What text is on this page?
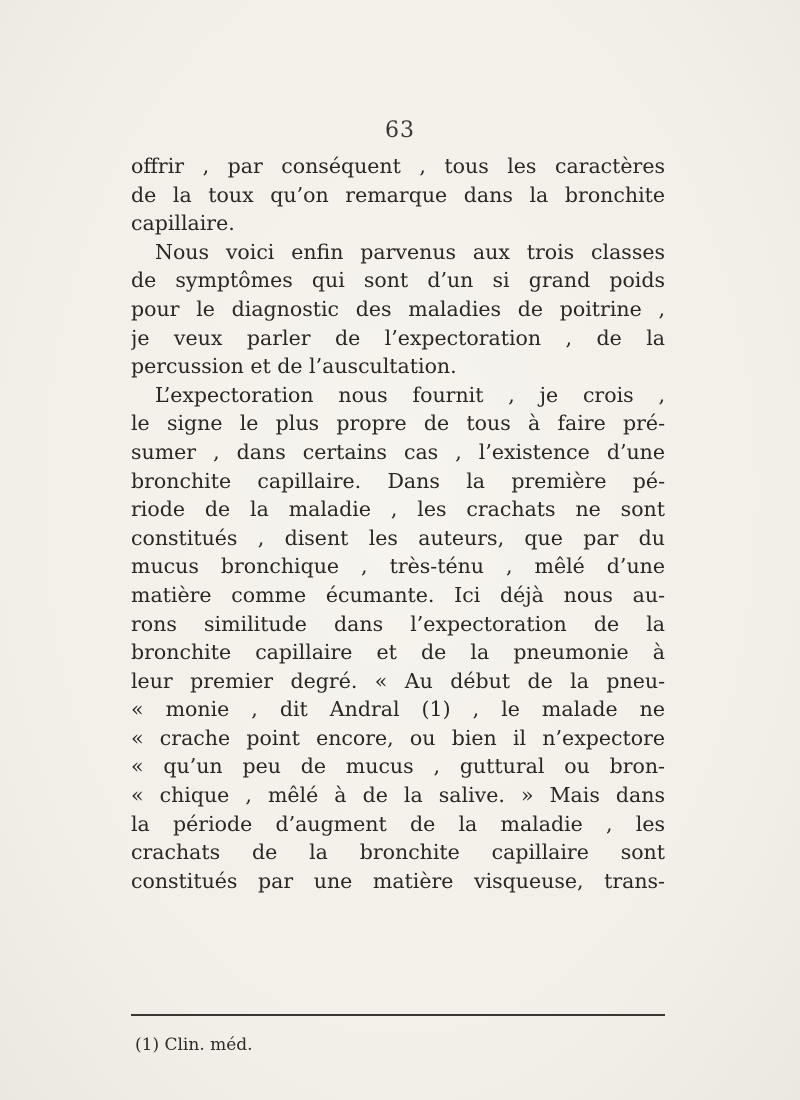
63
offrir , par conséquent , tous les caractères
de la toux qu’on remarque dans la bronchite
capillaire.
Nous voici enfin parvenus aux trois classes
de symptômes qui sont d’un si grand poids
pour le diagnostic des maladies de poitrine ,
je veux parler de l’expectoration , de la
percussion et de l’auscultation.
L’expectoration nous fournit , je crois ,
le signe le plus propre de tous à faire pré-
sumer , dans certains cas , l’existence d’une
bronchite capillaire. Dans la première pé-
riode de la maladie , les crachats ne sont
constitués , disent les auteurs, que par du
mucus bronchique , très-ténu , mêlé d’une
matière comme écumante. Ici déjà nous au-
rons similitude dans l’expectoration de la
bronchite capillaire et de la pneumonie à
leur premier degré. « Au début de la pneu-
« monie , dit Andral (1) , le malade ne
« crache point encore, ou bien il n’expectore
« qu’un peu de mucus , guttural ou bron-
« chique , mêlé à de la salive. » Mais dans
la période d’augment de la maladie , les
crachats de la bronchite capillaire sont
constitués par une matière visqueuse, trans-
(1) Clin. méd.
